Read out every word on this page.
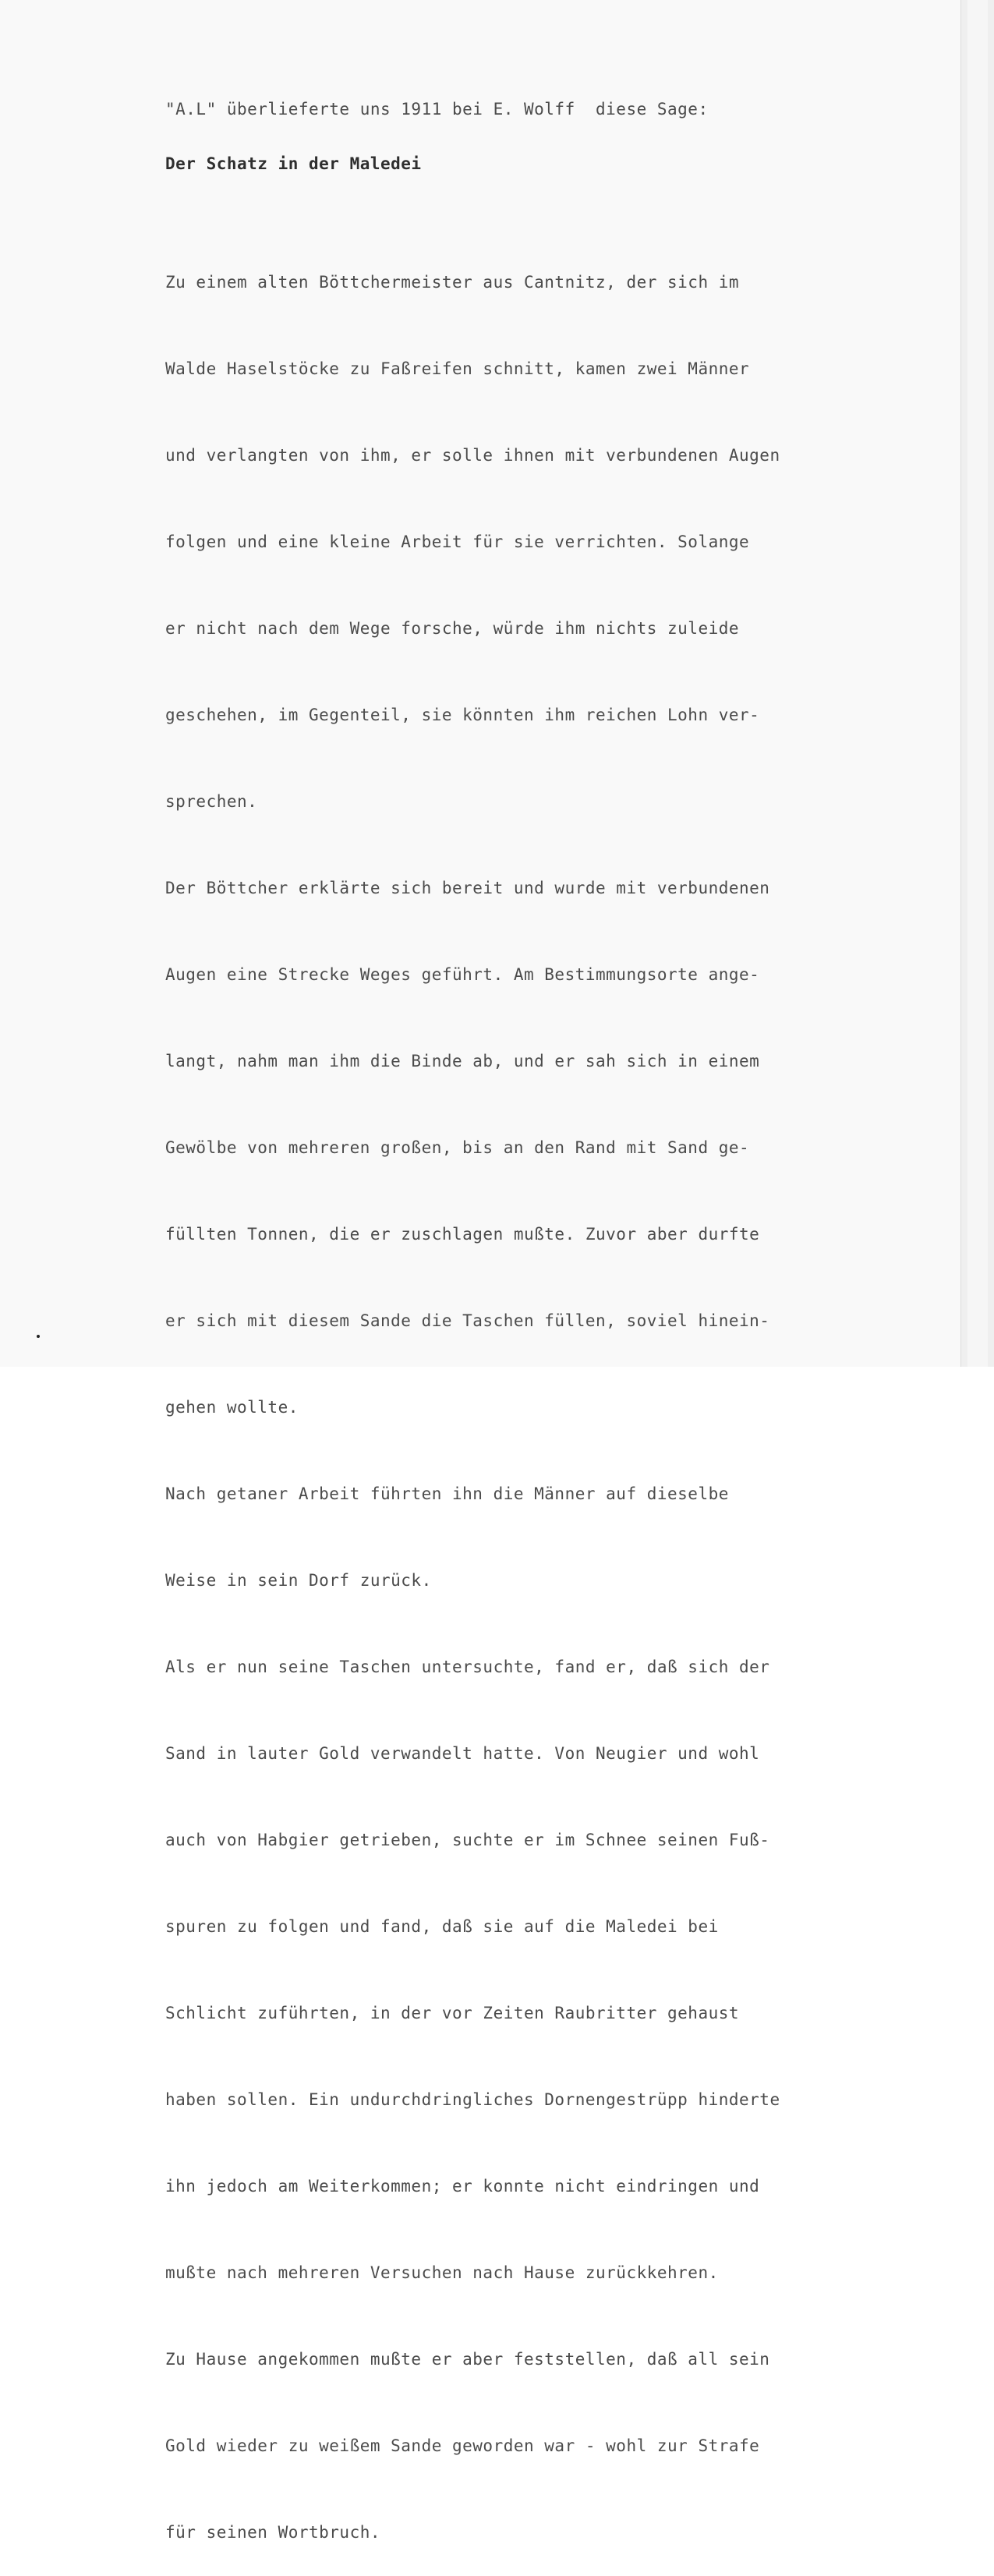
"A.L" überlieferte uns 1911 bei E. Wolff  diese Sage:
Der Schatz in der Maledei

Zu einem alten Böttchermeister aus Cantnitz, der sich im

Walde Haselstöcke zu Faßreifen schnitt, kamen zwei Männer

und verlangten von ihm, er solle ihnen mit verbundenen Augen

folgen und eine kleine Arbeit für sie verrichten. Solange

er nicht nach dem Wege forsche, würde ihm nichts zuleide

geschehen, im Gegenteil, sie könnten ihm reichen Lohn ver-

sprechen.

Der Böttcher erklärte sich bereit und wurde mit verbundenen

Augen eine Strecke Weges geführt. Am Bestimmungsorte ange-

langt, nahm man ihm die Binde ab, und er sah sich in einem

Gewölbe von mehreren großen, bis an den Rand mit Sand ge-

füllten Tonnen, die er zuschlagen mußte. Zuvor aber durfte

er sich mit diesem Sande die Taschen füllen, soviel hinein-

gehen wollte.

Nach getaner Arbeit führten ihn die Männer auf dieselbe

Weise in sein Dorf zurück.

Als er nun seine Taschen untersuchte, fand er, daß sich der

Sand in lauter Gold verwandelt hatte. Von Neugier und wohl

auch von Habgier getrieben, suchte er im Schnee seinen Fuß-

spuren zu folgen und fand, daß sie auf die Maledei bei

Schlicht zuführten, in der vor Zeiten Raubritter gehaust

haben sollen. Ein undurchdringliches Dornengestrüpp hinderte

ihn jedoch am Weiterkommen; er konnte nicht eindringen und

mußte nach mehreren Versuchen nach Hause zurückkehren.

Zu Hause angekommen mußte er aber feststellen, daß all sein

Gold wieder zu weißem Sande geworden war - wohl zur Strafe

für seinen Wortbruch.
